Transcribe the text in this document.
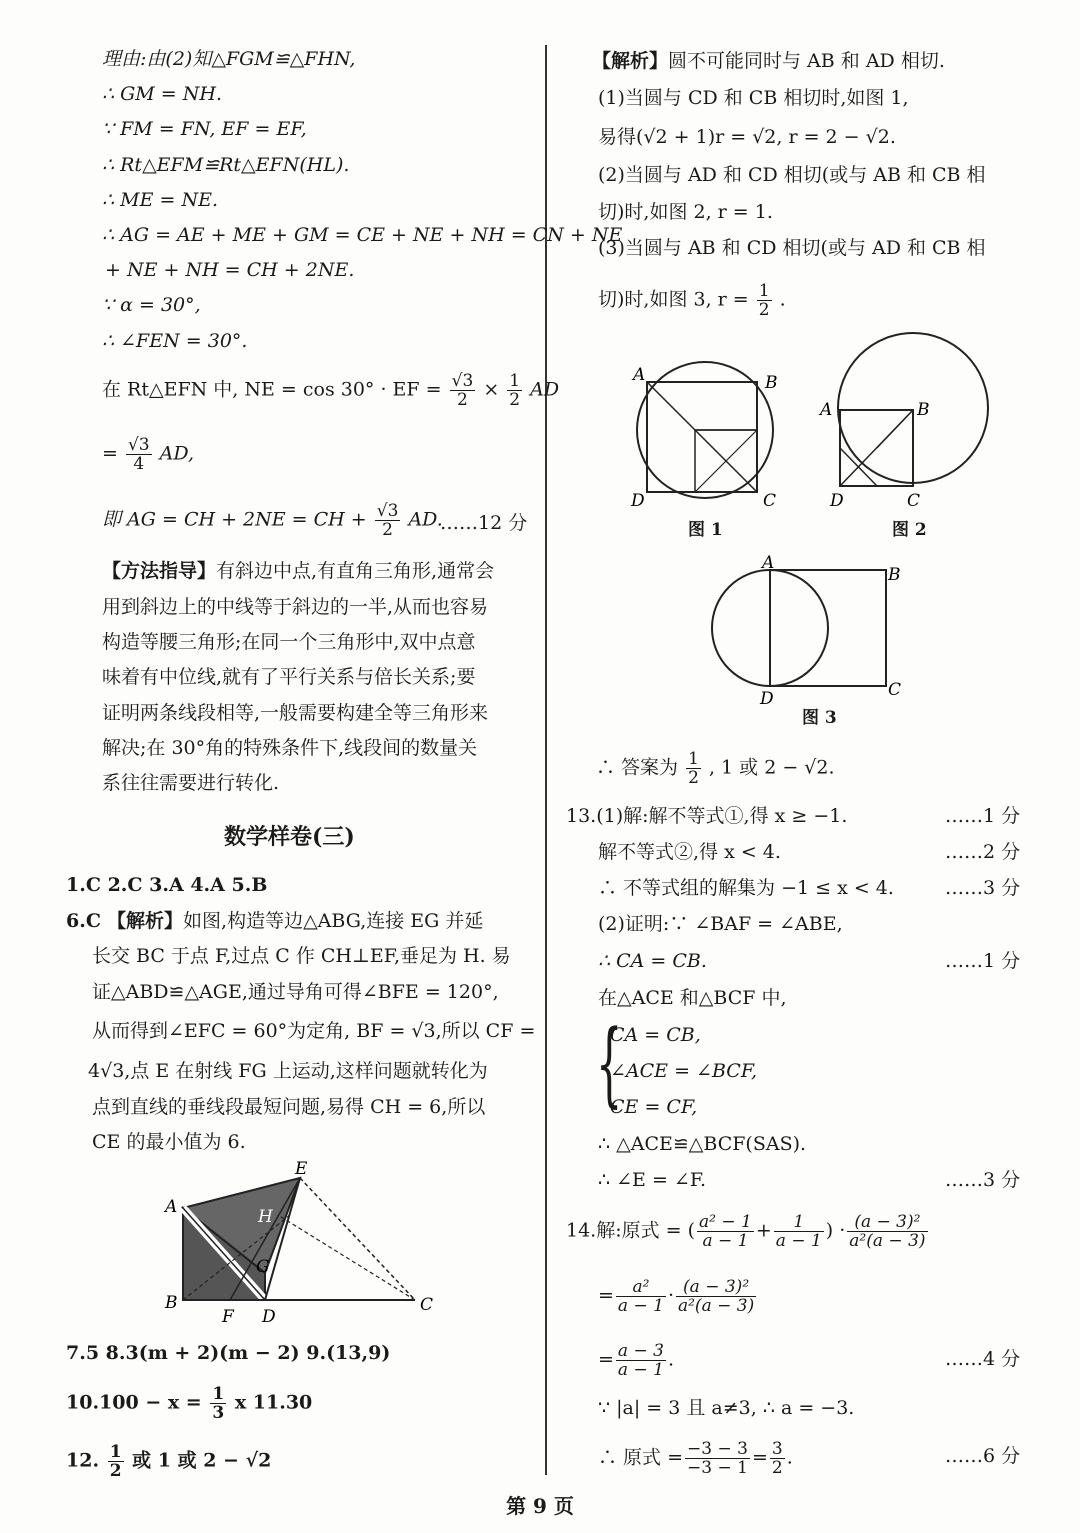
理由:由(2)知△FGM≌△FHN,
∴ GM = NH.
∵ FM = FN, EF = EF,
∴ Rt△EFM≌Rt△EFN(HL).
∴ ME = NE.
∴ AG = AE + ME + GM = CE + NE + NH = CN + NE
+ NE + NH = CH + 2NE.
∵ α = 30°,
∴ ∠FEN = 30°.
在 Rt△EFN 中, NE = cos 30° · EF = $\frac{√3}{2} \times \frac{1}{2}$ AD
= $\frac{√3}{4}$ AD,
即 AG = CH + 2NE = CH + $\frac{√3}{2}$ AD.
……12 分
【方法指导】有斜边中点,有直角三角形,通常会
用到斜边上的中线等于斜边的一半,从而也容易
构造等腰三角形;在同一个三角形中,双中点意
味着有中位线,就有了平行关系与倍长关系;要
证明两条线段相等,一般需要构建全等三角形来
解决;在 30°角的特殊条件下,线段间的数量关
系往往需要进行转化.
数学样卷(三)
1.C 2.C 3.A 4.A 5.B
6.C 【解析】如图,构造等边△ABG,连接 EG 并延
长交 BC 于点 F,过点 C 作 CH⊥EF,垂足为 H. 易
证△ABD≌△AGE,通过导角可得∠BFE = 120°,
从而得到∠EFC = 60°为定角, BF = √3,所以 CF =
4√3,点 E 在射线 FG 上运动,这样问题就转化为
点到直线的垂线段最短问题,易得 CH = 6,所以
CE 的最小值为 6.
E
A	H
G
B
F D
C
7.5 8.3(m + 2)(m − 2) 9.(13,9)
$10.100 - x = \frac{1}{3}$ x 11.30
12. $\frac{1}{2}$ 或 1 或 2 − √2
【解析】圆不可能同时与 AB 和 AD 相切.
(1)当圆与 CD 和 CB 相切时,如图 1,
易得(√2 + 1)r = √2, r = 2 − √2.
(2)当圆与 AD 和 CD 相切(或与 AB 和 CB 相
切)时,如图 2, r = 1.
(3)当圆与 AB 和 CD 相切(或与 AD 和 CB 相
切)时,如图 3, $r = \frac{1}{2}$ .
A	B
C
D
图 1
A	B
C
D
图 2
A
B
C
D
图 3
∴ 答案为 $\frac{1}{2}$ , 1 或 2 − √2.
13.(1)解:解不等式①,得 x ≥ −1.	……1 分
解不等式②,得 x < 4.	……2 分
∴ 不等式组的解集为 −1 ≤ x < 4.	……3 分
(2)证明:∵ ∠BAF = ∠ABE,
∴ CA = CB.	……1 分
在△ACE 和△BCF 中,
{
CA = CB,
∠ACE = ∠BCF,
CE = CF,
∴ △ACE≌△BCF(SAS).
∴ ∠E = ∠F.	……3 分
14.解:原式 = ( $\frac{\text{a² − 1}}{a - 1} + \frac{1}{a - 1}$ ) · $\frac{\text{(a − 3)²}}{\text{a²(a − 3)}}$
= $\frac{\text{a²}}{a - 1} \cdot \frac{\text{(a − 3)²}}{\text{a²(a − 3)}}$
= $\frac{a - 3}{a - 1}$ .	……4 分
∵ |a| = 3 且 a≠3, ∴ a = −3.
∴ 原式 = $\frac{-3 - 3}{-3 - 1} = \frac{3}{2}$ .	……6 分
第 9 页
